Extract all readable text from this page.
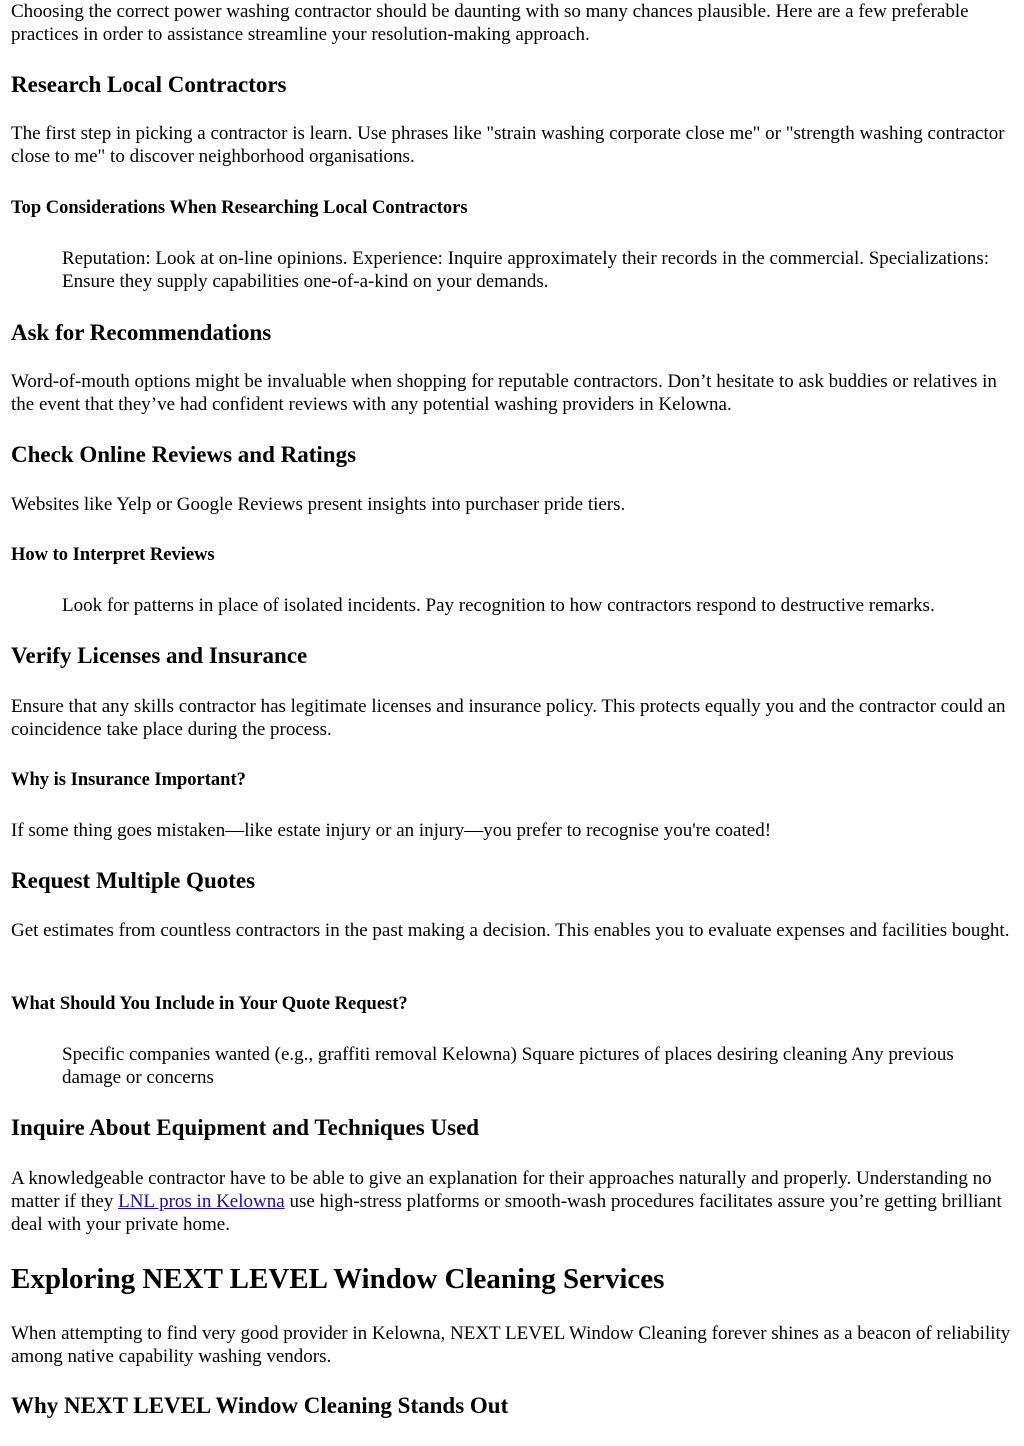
Choosing the correct power washing contractor should be daunting with so many chances plausible. Here are a few preferable practices in order to assistance streamline your resolution-making approach.

Research Local Contractors

The first step in picking a contractor is learn. Use phrases like "strain washing corporate close me" or "strength washing contractor close to me" to discover neighborhood organisations.

Top Considerations When Researching Local Contractors

Reputation: Look at on-line opinions. Experience: Inquire approximately their records in the commercial. Specializations: Ensure they supply capabilities one-of-a-kind on your demands.

Ask for Recommendations

Word-of-mouth options might be invaluable when shopping for reputable contractors. Don’t hesitate to ask buddies or relatives in the event that they’ve had confident reviews with any potential washing providers in Kelowna.

Check Online Reviews and Ratings

Websites like Yelp or Google Reviews present insights into purchaser pride tiers.

How to Interpret Reviews

Look for patterns in place of isolated incidents. Pay recognition to how contractors respond to destructive remarks.

Verify Licenses and Insurance

Ensure that any skills contractor has legitimate licenses and insurance policy. This protects equally you and the contractor could an coincidence take place during the process.

Why is Insurance Important?

If some thing goes mistaken—like estate injury or an injury—you prefer to recognise you're coated!

Request Multiple Quotes

Get estimates from countless contractors in the past making a decision. This enables you to evaluate expenses and facilities bought.

What Should You Include in Your Quote Request?

Specific companies wanted (e.g., graffiti removal Kelowna) Square pictures of places desiring cleaning Any previous damage or concerns

Inquire About Equipment and Techniques Used

A knowledgeable contractor have to be able to give an explanation for their approaches naturally and properly. Understanding no matter if they LNL pros in Kelowna use high-stress platforms or smooth-wash procedures facilitates assure you’re getting brilliant deal with your private home.

Exploring NEXT LEVEL Window Cleaning Services

When attempting to find very good provider in Kelowna, NEXT LEVEL Window Cleaning forever shines as a beacon of reliability among native capability washing vendors.

Why NEXT LEVEL Window Cleaning Stands Out
